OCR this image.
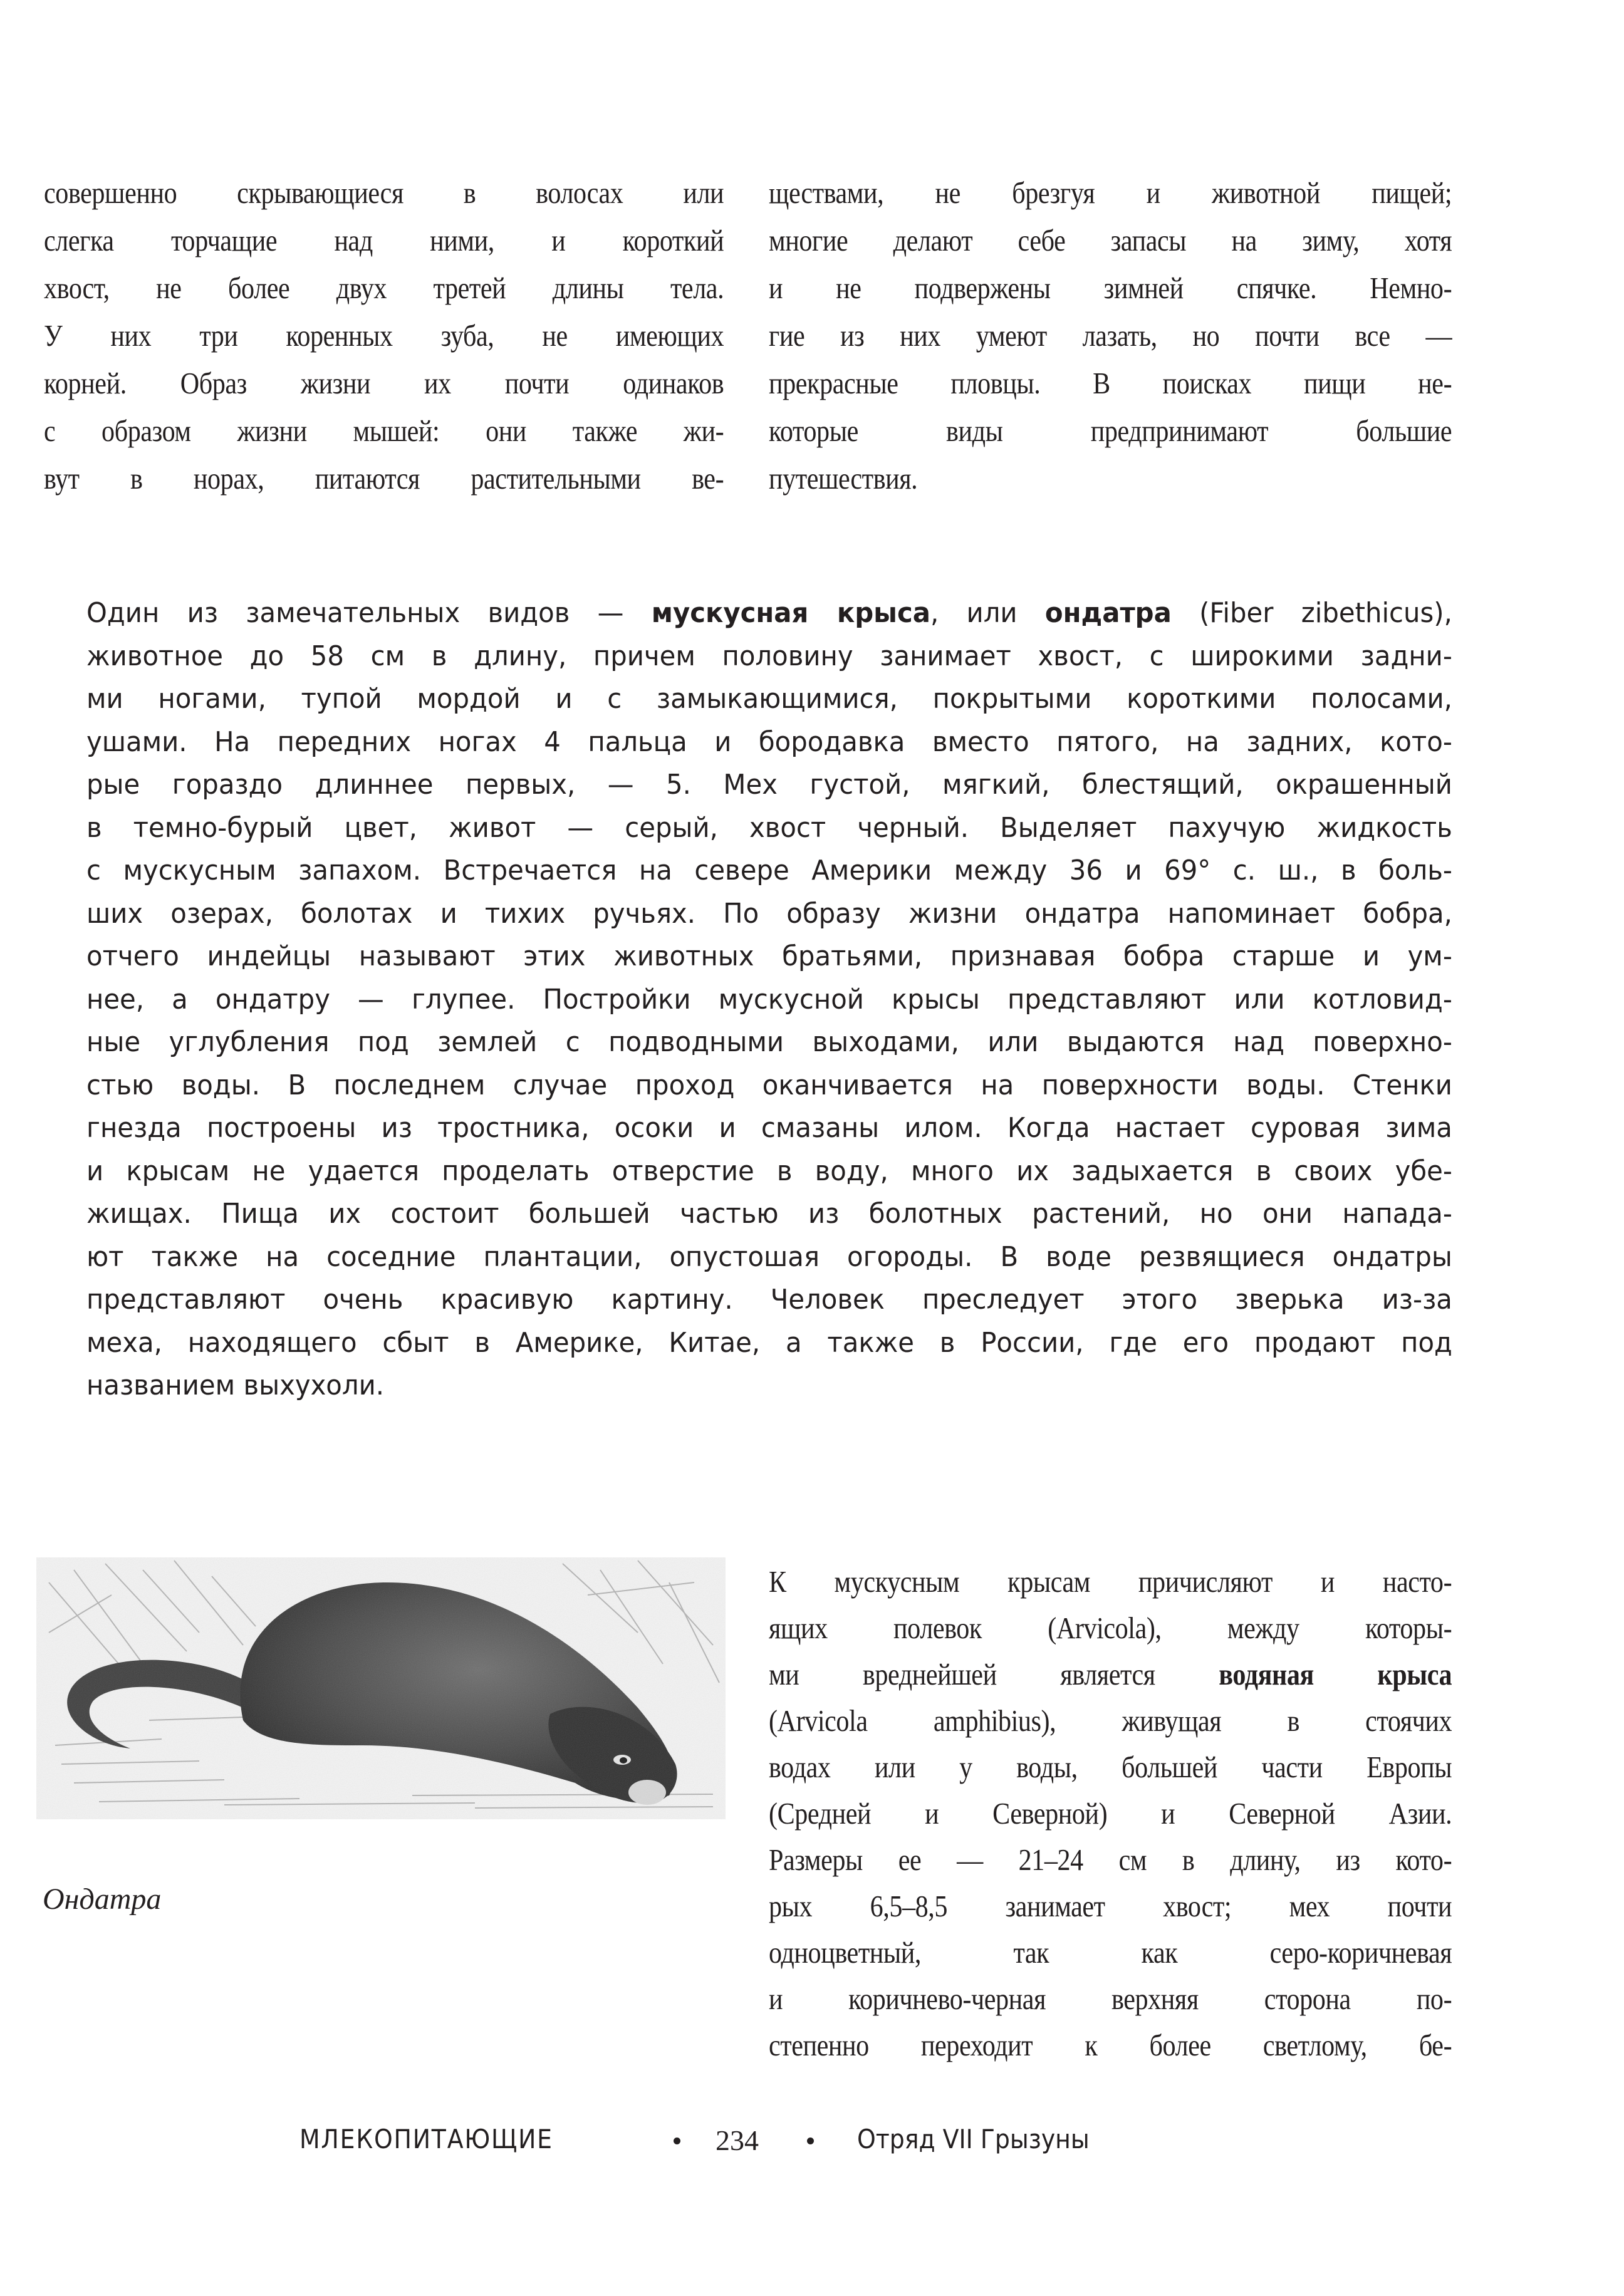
совершенно скрывающиеся в волосах или
слегка торчащие над ними, и короткий
хвост, не более двух третей длины тела.
У них три коренных зуба, не имеющих
корней. Образ жизни их почти одинаков
с образом жизни мышей: они также жи-
вут в норах, питаются растительными ве-
ществами, не брезгуя и животной пищей;
многие делают себе запасы на зиму, хотя
и не подвержены зимней спячке. Немно-
гие из них умеют лазать, но почти все —
прекрасные пловцы. В поисках пищи не-
которые виды предпринимают большие
путешествия.
Один из замечательных видов — мускусная крыса, или ондатра (Fiber zibethicus),
животное до 58 см в длину, причем половину занимает хвост, с широкими задни-
ми ногами, тупой мордой и с замыкающимися, покрытыми короткими полосами,
ушами. На передних ногах 4 пальца и бородавка вместо пятого, на задних, кото-
рые гораздо длиннее первых, — 5. Мех густой, мягкий, блестящий, окрашенный
в темно-бурый цвет, живот — серый, хвост черный. Выделяет пахучую жидкость
с мускусным запахом. Встречается на севере Америки между 36 и 69° с. ш., в боль-
ших озерах, болотах и тихих ручьях. По образу жизни ондатра напоминает бобра,
отчего индейцы называют этих животных братьями, признавая бобра старше и ум-
нее, а ондатру — глупее. Постройки мускусной крысы представляют или котловид-
ные углубления под землей с подводными выходами, или выдаются над поверхно-
стью воды. В последнем случае проход оканчивается на поверхности воды. Стенки
гнезда построены из тростника, осоки и смазаны илом. Когда настает суровая зима
и крысам не удается проделать отверстие в воду, много их задыхается в своих убе-
жищах. Пища их состоит большей частью из болотных растений, но они напада-
ют также на соседние плантации, опустошая огороды. В воде резвящиеся ондатры
представляют очень красивую картину. Человек преследует этого зверька из-за
меха, находящего сбыт в Америке, Китае, а также в России, где его продают под
названием выхухоли.
Ондатра
К мускусным крысам причисляют и насто-
ящих полевок (Arvicola), между которы-
ми вреднейшей является водяная крыса
(Arvicola amphibius), живущая в стоячих
водах или у воды, большей части Европы
(Средней и Северной) и Северной Азии.
Размеры ее — 21–24 см в длину, из кото-
рых 6,5–8,5 занимает хвост; мех почти
одноцветный, так как серо-коричневая
и коричнево-черная верхняя сторона по-
степенно переходит к более светлому, бе-
МЛЕКОПИТАЮЩИЕ	234	Отряд VII Грызуны
